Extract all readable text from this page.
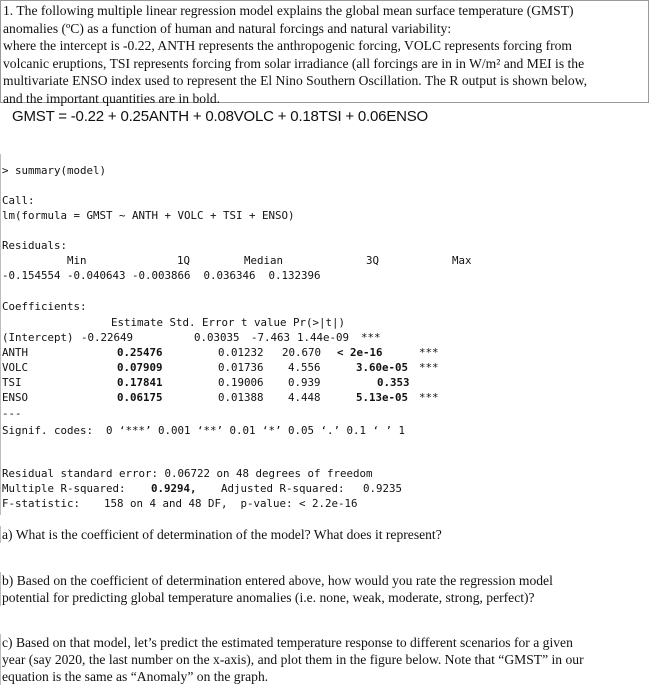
1. The following multiple linear regression model explains the global mean surface temperature (GMST)
anomalies (ºC) as a function of human and natural forcings and natural variability:
where the intercept is -0.22, ANTH represents the anthropogenic forcing, VOLC represents forcing from
volcanic eruptions, TSI represents forcing from solar irradiance (all forcings are in in W/m² and MEI is the
multivariate ENSO index used to represent the El Nino Southern Oscillation. The R output is shown below,
and the important quantities are in bold.
GMST = -0.22 + 0.25ANTH + 0.08VOLC + 0.18TSI + 0.06ENSO
> summary(model)
Call:
lm(formula = GMST ~ ANTH + VOLC + TSI + ENSO)
Residuals:
Min	1Q	Median	3Q	Max
-0.154554 -0.040643 -0.003866  0.036346  0.132396
Coefficients:
Estimate Std. Error t value Pr(>|t|)
(Intercept) -0.22649	0.03035 -7.463 1.44e-09 ***
ANTH	0.25476	0.01232 20.670 < 2e-16	***
VOLC	0.07909	0.01736 4.556	3.60e-05 ***
TSI	0.17841	0.19006 0.939	0.353
ENSO	0.06175	0.01388 4.448	5.13e-05 ***
---
Signif. codes:  0 ‘***’ 0.001 ‘**’ 0.01 ‘*’ 0.05 ‘.’ 0.1 ‘ ’ 1
Residual standard error: 0.06722 on 48 degrees of freedom
Multiple R-squared: 0.9294, Adjusted R-squared: 0.9235
F-statistic: 158 on 4 and 48 DF,  p-value: < 2.2e-16
a) What is the coefficient of determination of the model? What does it represent?
b) Based on the coefficient of determination entered above, how would you rate the regression model
potential for predicting global temperature anomalies (i.e. none, weak, moderate, strong, perfect)?
c) Based on that model, let’s predict the estimated temperature response to different scenarios for a given
year (say 2020, the last number on the x-axis), and plot them in the figure below. Note that “GMST” in our
equation is the same as “Anomaly” on the graph.
